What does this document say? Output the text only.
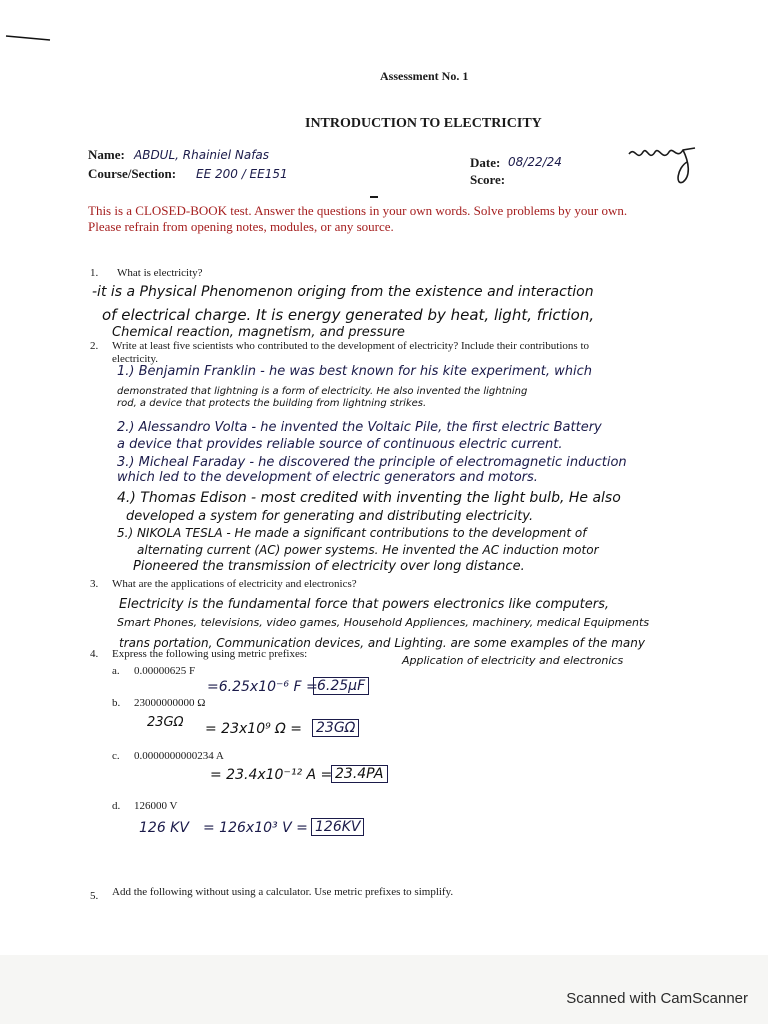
Assessment No. 1
INTRODUCTION TO ELECTRICITY
Name: ABDUL, Rhainiel Nafas
Course/Section: EE 200 / EE151
Date: 08/22/24
Score:
This is a CLOSED-BOOK test. Answer the questions in your own words. Solve problems by your own.
Please refrain from opening notes, modules, or any source.
1. What is electricity?
-it is a Physical Phenomenon origing from the existence and interaction
of electrical charge. It is energy generated by heat, light, friction,
Chemical reaction, magnetism, and pressure
2. Write at least five scientists who contributed to the development of electricity? Include their contributions to
electricity.
1.) Benjamin Franklin - he was best known for his kite experiment, which
demonstrated that lightning is a form of electricity. He also invented the lightning
rod, a device that protects the building from lightning strikes.
2.) Alessandro Volta - he invented the Voltaic Pile, the first electric Battery
a device that provides reliable source of continuous electric current.
3.) Micheal Faraday - he discovered the principle of electromagnetic induction
which led to the development of electric generators and motors.
4.) Thomas Edison - most credited with inventing the light bulb, He also
developed a system for generating and distributing electricity.
5.) NIKOLA TESLA - He made a significant contributions to the development of
alternating current (AC) power systems. He invented the AC induction motor
Pioneered the transmission of electricity over long distance.
3. What are the applications of electricity and electronics?
Electricity is the fundamental force that powers electronics like computers,
Smart Phones, televisions, video games, Household Appliences, machinery, medical Equipments
trans portation, Communication devices, and Lighting. are some examples of the many
Application of electricity and electronics
4. Express the following using metric prefixes:
a. 0.00000625 F
=6.25x10⁻⁶ F = 6.25μF
b. 23000000000 Ω
23GΩ = 23x10⁹ Ω = 23GΩ
c. 0.0000000000234 A
= 23.4x10⁻¹² A = 23.4PA
d. 126000 V
126 KV = 126x10³ V = 126KV
5. Add the following without using a calculator. Use metric prefixes to simplify.
Scanned with CamScanner
